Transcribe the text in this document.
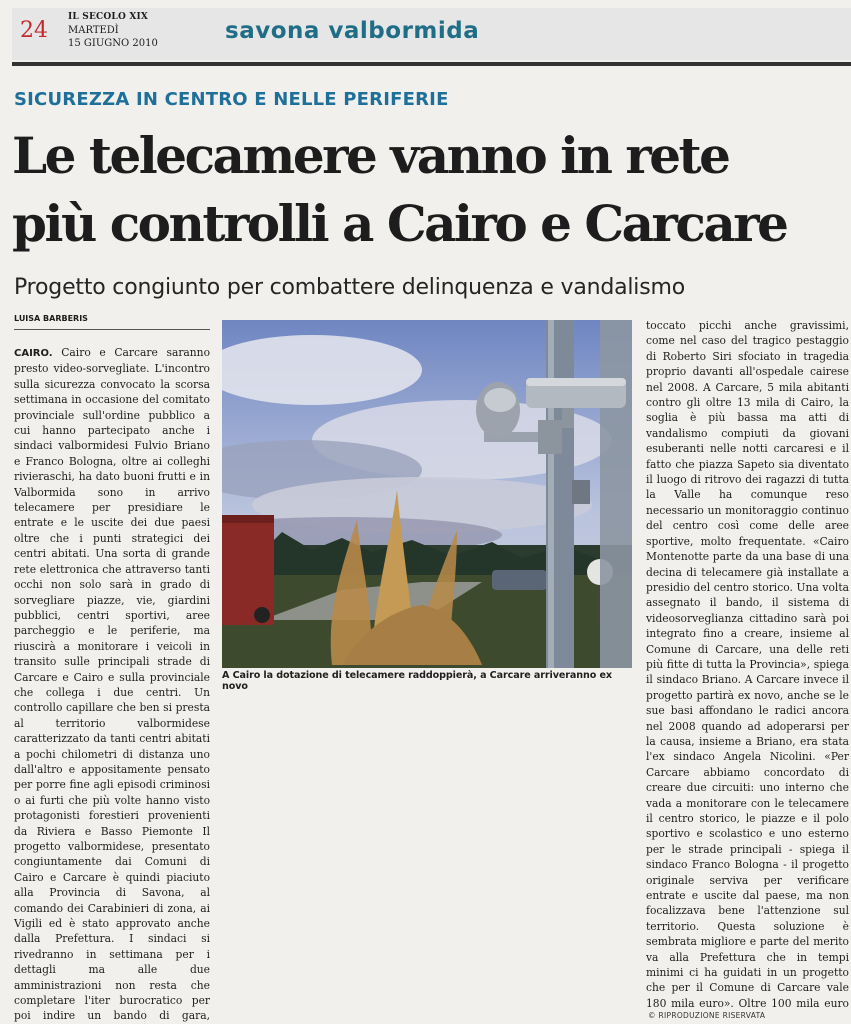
24
IL SECOLO XIX
MARTEDÌ
15 GIUGNO 2010	savona valbormida
SICUREZZA IN CENTRO E NELLE PERIFERIE
Le telecamere vanno in rete
più controlli a Cairo e Carcare
Progetto congiunto per combattere delinquenza e vandalismo
LUISA BARBERIS
CAIRO. Cairo e Carcare saranno presto video-sorvegliate. L'incontro sulla sicurezza convocato la scorsa settimana in occasione del comitato provinciale sull'ordine pubblico a cui hanno partecipato anche i sindaci valbormidesi Fulvio Briano e Franco Bologna, oltre ai colleghi rivieraschi, ha dato buoni frutti e in Valbormida sono in arrivo telecamere per presidiare le entrate e le uscite dei due paesi oltre che i punti strategici dei centri abitati. Una sorta di grande rete elettronica che attraverso tanti occhi non solo sarà in grado di sorvegliare piazze, vie, giardini pubblici, centri sportivi, aree parcheggio e le periferie, ma riuscirà a monitorare i veicoli in transito sulle principali strade di Carcare e Cairo e sulla provinciale che collega i due centri. Un controllo capillare che ben si presta al territorio valbormidese caratterizzato da tanti centri abitati a pochi chilometri di distanza uno dall'altro e appositamente pensato per porre fine agli episodi criminosi o ai furti che più volte hanno visto protagonisti forestieri provenienti da Riviera e Basso Piemonte Il progetto valbormidese, presentato congiuntamente dai Comuni di Cairo e Carcare è quindi piaciuto alla Provincia di Savona, al comando dei Carabinieri di zona, ai Vigili ed è stato approvato anche dalla Prefettura. I sindaci si rivedranno in settimana per i dettagli ma alle due amministrazioni non resta che completare l'iter burocratico per poi indire un bando di gara,
A Cairo la dotazione di telecamere raddoppierà, a Carcare arriveranno ex novo
toccato picchi anche gravissimi, come nel caso del tragico pestaggio di Roberto Siri sfociato in tragedia proprio davanti all'ospedale cairese nel 2008. A Carcare, 5 mila abitanti contro gli oltre 13 mila di Cairo, la soglia è più bassa ma atti di vandalismo compiuti da giovani esuberanti nelle notti carcaresi e il fatto che piazza Sapeto sia diventato il luogo di ritrovo dei ragazzi di tutta la Valle ha comunque reso necessario un monitoraggio continuo del centro così come delle aree sportive, molto frequentate. «Cairo Montenotte parte da una base di una decina di telecamere già installate a presidio del centro storico. Una volta assegnato il bando, il sistema di videosorveglianza cittadino sarà poi integrato fino a creare, insieme al Comune di Carcare, una delle reti più fitte di tutta la Provincia», spiega il sindaco Briano. A Carcare invece il progetto partirà ex novo, anche se le sue basi affondano le radici ancora nel 2008 quando ad adoperarsi per la causa, insieme a Briano, era stata l'ex sindaco Angela Nicolini. «Per Carcare abbiamo concordato di creare due circuiti: uno interno che vada a monitorare con le telecamere il centro storico, le piazze e il polo sportivo e scolastico e uno esterno per le strade principali - spiega il sindaco Franco Bologna - il progetto originale serviva per verificare entrate e uscite dal paese, ma non focalizzava bene l'attenzione sul territorio. Questa soluzione è sembrata migliore e parte del merito va alla Prefettura che in tempi minimi ci ha guidati in un progetto che per il Comune di Carcare vale 180 mila euro». Oltre 100 mila euro
© RIPRODUZIONE RISERVATA
